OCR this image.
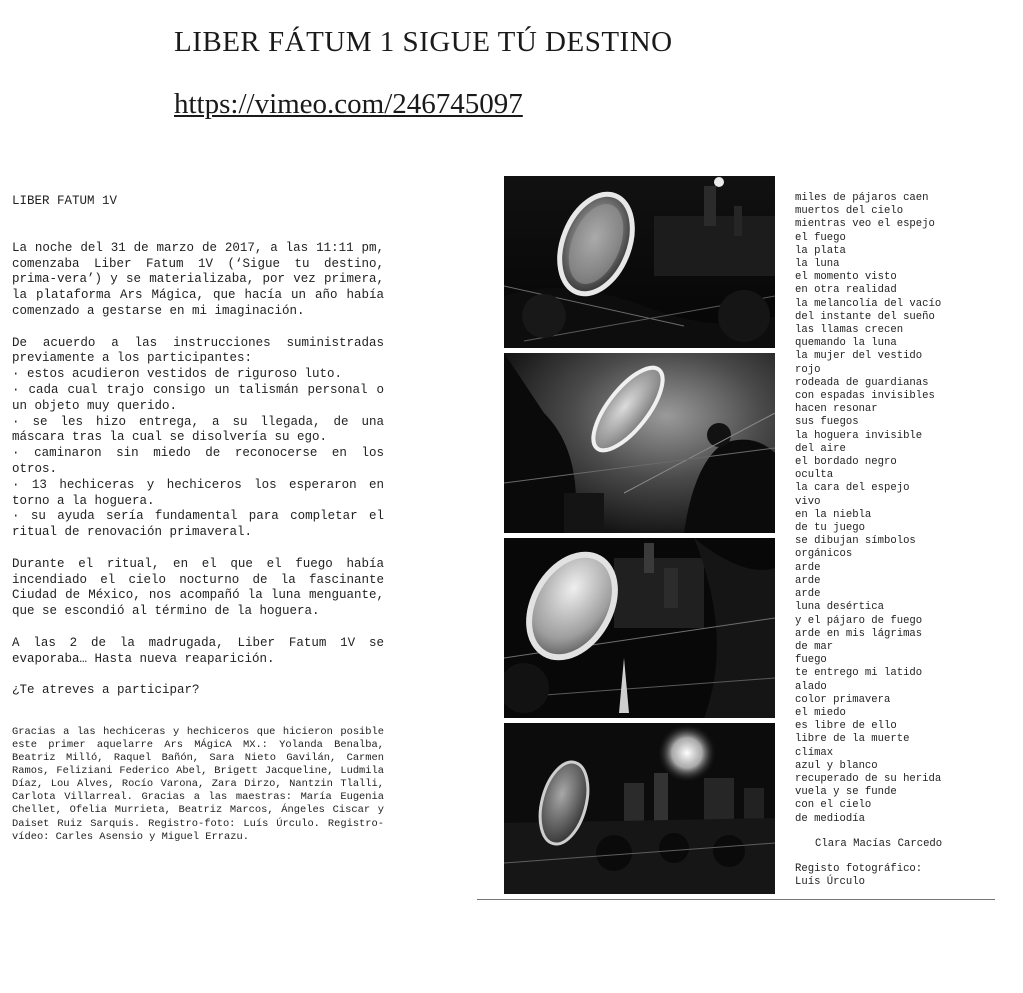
LIBER FÁTUM 1 SIGUE TÚ DESTINO
https://vimeo.com/246745097

LIBER FATUM 1V

La noche del 31 de marzo de 2017, a las 11:11 pm, comenzaba Liber Fatum 1V (‘Sigue tu destino, prima-vera’) y se materializaba, por vez primera, la plataforma Ars Mágica, que hacía un año había comenzado a gestarse en mi imaginación.

De acuerdo a las instrucciones suministradas previamente a los participantes:

· estos acudieron vestidos de riguroso luto.

· cada cual trajo consigo un talismán personal o un objeto muy querido.

· se les hizo entrega, a su llegada, de una máscara tras la cual se disolvería su ego.

· caminaron sin miedo de reconocerse en los otros.

· 13 hechiceras y hechiceros los esperaron en torno a la hoguera.

· su ayuda sería fundamental para completar el ritual de renovación primaveral.

Durante el ritual, en el que el fuego había incendiado el cielo nocturno de la fascinante Ciudad de México, nos acompañó la luna menguante, que se escondió al término de la hoguera.

A las 2 de la madrugada, Liber Fatum 1V se evaporaba… Hasta nueva reaparición.

¿Te atreves a participar?

Gracias a las hechiceras y hechiceros que hicieron posible este primer aquelarre Ars MÁgicA MX.: Yolanda Benalba, Beatriz Milló, Raquel Bañón, Sara Nieto Gavilán, Carmen Ramos, Feliziani Federico Abel, Brigett Jacqueline, Ludmila Díaz, Lou Alves, Rocío Varona, Zara Dirzo, Nantzin Tlalli, Carlota Villarreal. Gracias a las maestras: María Eugenia Chellet, Ofelia Murrieta, Beatriz Marcos, Ángeles Ciscar y Daiset Ruiz Sarquis. Registro-foto: Luís Úrculo. Registro-vídeo: Carles Asensio y Miguel Errazu.

miles de pájaros caen
muertos del cielo
mientras veo el espejo
el fuego
la plata
la luna
el momento visto
en otra realidad
la melancolía del vacío
del instante del sueño
las llamas crecen
quemando la luna
la mujer del vestido
rojo
rodeada de guardianas
con espadas invisibles
hacen resonar
sus fuegos
la hoguera invisible
del aire
el bordado negro
oculta
la cara del espejo
vivo
en la niebla
de tu juego
se dibujan símbolos
orgánicos
arde
arde
arde
luna desértica
y el pájaro de fuego
arde en mis lágrimas
de mar
fuego
te entrego mi latido
alado
color primavera
el miedo
es libre de ello
libre de la muerte
clímax
azul y blanco
recuperado de su herida
vuela y se funde
con el cielo
de mediodía
Clara Macías Carcedo
Registo fotográfico:
Luís Úrculo
